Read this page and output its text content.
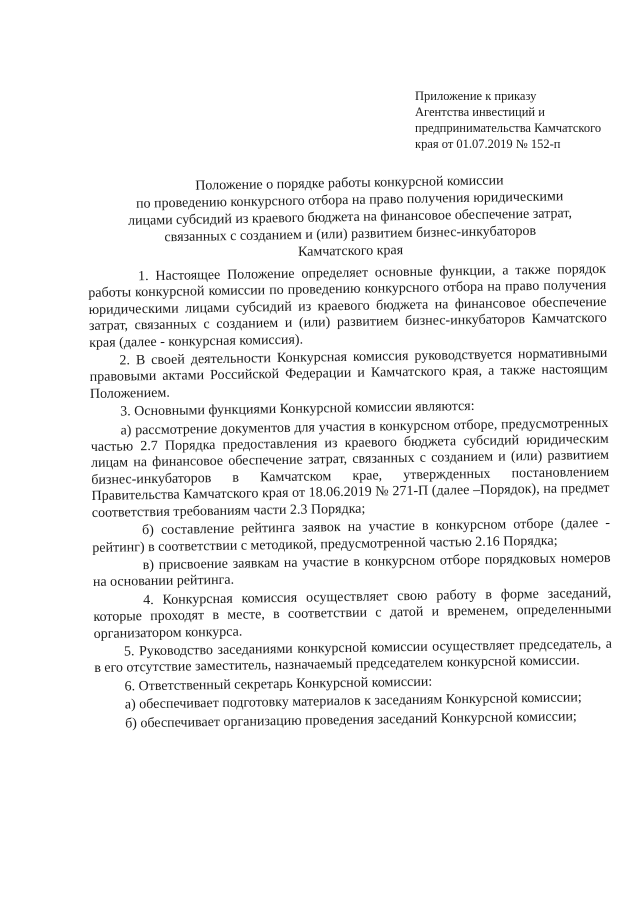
Приложение к приказу
Агентства инвестиций и
предпринимательства Камчатского
края от 01.07.2019 № 152-п
Положение о порядке работы конкурсной комиссии
по проведению конкурсного отбора на право получения юридическими
лицами субсидий из краевого бюджета на финансовое обеспечение затрат,
связанных с созданием и (или) развитием бизнес-инкубаторов
Камчатского края

1. Настоящее Положение определяет основные функции, а также порядок работы конкурсной комиссии по проведению конкурсного отбора на право получения юридическими лицами субсидий из краевого бюджета на финансовое обеспечение затрат, связанных с созданием и (или) развитием бизнес-инкубаторов Камчатского края (далее - конкурсная комиссия).

2. В своей деятельности Конкурсная комиссия руководствуется нормативными правовыми актами Российской Федерации и Камчатского края, а также настоящим Положением.

3. Основными функциями Конкурсной комиссии являются:

а) рассмотрение документов для участия в конкурсном отборе, предусмотренных частью 2.7 Порядка предоставления из краевого бюджета субсидий юридическим лицам на финансовое обеспечение затрат, связанных с созданием и (или) развитием бизнес-инкубаторов в Камчатском крае, утвержденных постановлением Правительства Камчатского края от 18.06.2019 № 271-П (далее –Порядок), на предмет соответствия требованиям части 2.3 Порядка;

б) составление рейтинга заявок на участие в конкурсном отборе (далее - рейтинг) в соответствии с методикой, предусмотренной частью 2.16 Порядка;

в) присвоение заявкам на участие в конкурсном отборе порядковых номеров на основании рейтинга.

4. Конкурсная комиссия осуществляет свою работу в форме заседаний, которые проходят в месте, в соответствии с датой и временем, определенными организатором конкурса.

5. Руководство заседаниями конкурсной комиссии осуществляет председатель, а в его отсутствие заместитель, назначаемый председателем конкурсной комиссии.

6. Ответственный секретарь Конкурсной комиссии:

а) обеспечивает подготовку материалов к заседаниям Конкурсной комиссии;

б) обеспечивает организацию проведения заседаний Конкурсной комиссии;
